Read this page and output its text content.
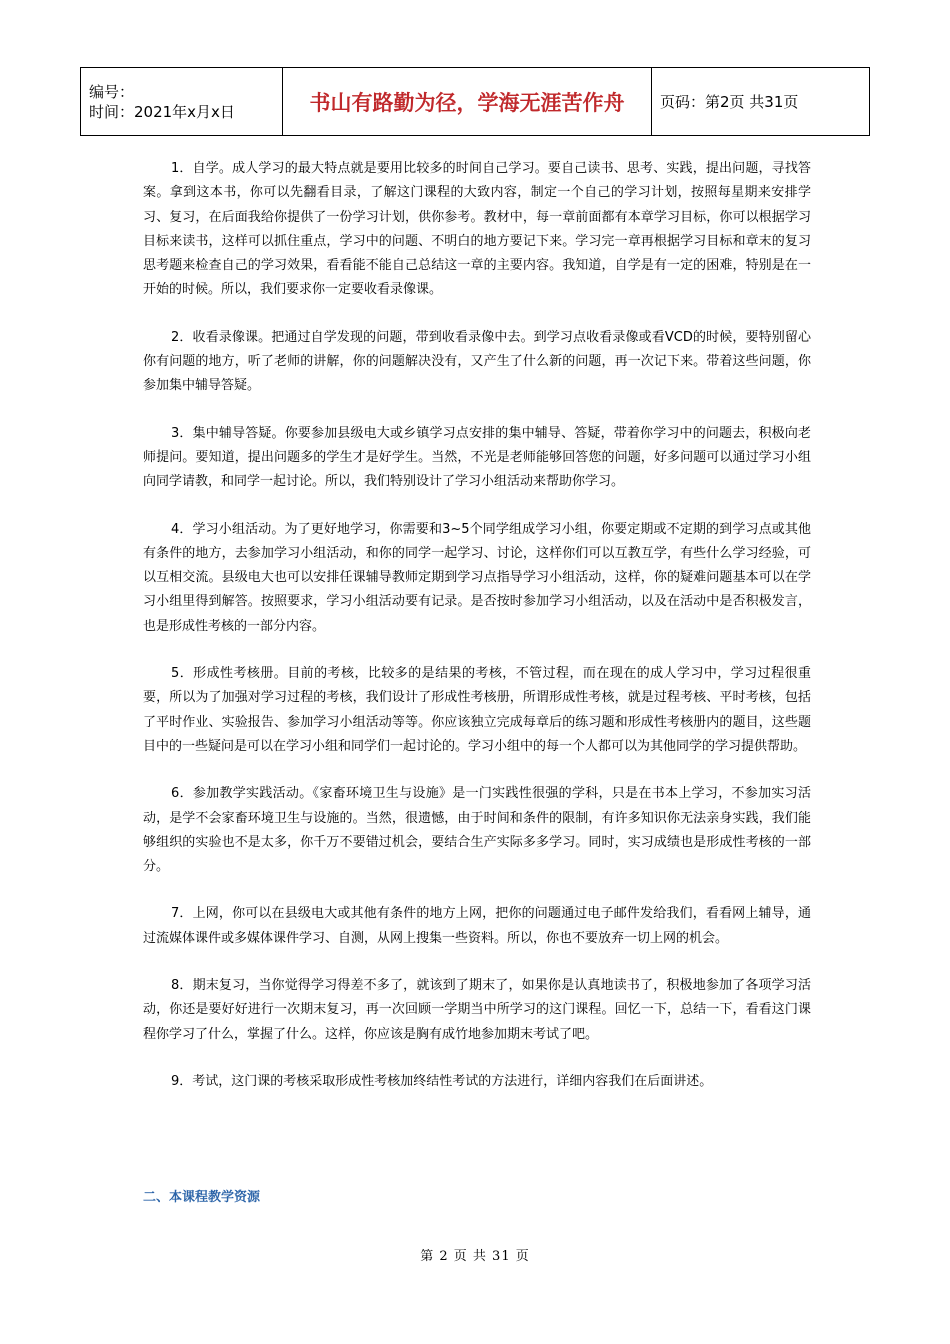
编号：
时间：2021年x月x日	书山有路勤为径，学海无涯苦作舟	页码：第2页 共31页

1．自学。成人学习的最大特点就是要用比较多的时间自己学习。要自己读书、思考、实践，提出问题，寻找答案。拿到这本书，你可以先翻看目录，了解这门课程的大致内容，制定一个自己的学习计划，按照每星期来安排学习、复习，在后面我给你提供了一份学习计划，供你参考。教材中，每一章前面都有本章学习目标，你可以根据学习目标来读书，这样可以抓住重点，学习中的问题、不明白的地方要记下来。学习完一章再根据学习目标和章末的复习思考题来检查自己的学习效果，看看能不能自己总结这一章的主要内容。我知道，自学是有一定的困难，特别是在一开始的时候。所以，我们要求你一定要收看录像课。

2．收看录像课。把通过自学发现的问题，带到收看录像中去。到学习点收看录像或看VCD的时候，要特别留心你有问题的地方，听了老师的讲解，你的问题解决没有，又产生了什么新的问题，再一次记下来。带着这些问题，你参加集中辅导答疑。

3．集中辅导答疑。你要参加县级电大或乡镇学习点安排的集中辅导、答疑，带着你学习中的问题去，积极向老师提问。要知道，提出问题多的学生才是好学生。当然，不光是老师能够回答您的问题，好多问题可以通过学习小组向同学请教，和同学一起讨论。所以，我们特别设计了学习小组活动来帮助你学习。

4．学习小组活动。为了更好地学习，你需要和3~5个同学组成学习小组，你要定期或不定期的到学习点或其他有条件的地方，去参加学习小组活动，和你的同学一起学习、讨论，这样你们可以互教互学，有些什么学习经验，可以互相交流。县级电大也可以安排任课辅导教师定期到学习点指导学习小组活动，这样，你的疑难问题基本可以在学习小组里得到解答。按照要求，学习小组活动要有记录。是否按时参加学习小组活动，以及在活动中是否积极发言，也是形成性考核的一部分内容。

5．形成性考核册。目前的考核，比较多的是结果的考核，不管过程，而在现在的成人学习中，学习过程很重要，所以为了加强对学习过程的考核，我们设计了形成性考核册，所谓形成性考核，就是过程考核、平时考核，包括了平时作业、实验报告、参加学习小组活动等等。你应该独立完成每章后的练习题和形成性考核册内的题目，这些题目中的一些疑问是可以在学习小组和同学们一起讨论的。学习小组中的每一个人都可以为其他同学的学习提供帮助。

6．参加教学实践活动。《家畜环境卫生与设施》是一门实践性很强的学科，只是在书本上学习，不参加实习活动，是学不会家畜环境卫生与设施的。当然，很遗憾，由于时间和条件的限制，有许多知识你无法亲身实践，我们能够组织的实验也不是太多，你千万不要错过机会，要结合生产实际多多学习。同时，实习成绩也是形成性考核的一部分。

7．上网，你可以在县级电大或其他有条件的地方上网，把你的问题通过电子邮件发给我们，看看网上辅导，通过流媒体课件或多媒体课件学习、自测，从网上搜集一些资料。所以，你也不要放弃一切上网的机会。

8．期末复习，当你觉得学习得差不多了，就该到了期末了，如果你是认真地读书了，积极地参加了各项学习活动，你还是要好好进行一次期末复习，再一次回顾一学期当中所学习的这门课程。回忆一下，总结一下，看看这门课程你学习了什么，掌握了什么。这样，你应该是胸有成竹地参加期末考试了吧。

9．考试，这门课的考核采取形成性考核加终结性考试的方法进行，详细内容我们在后面讲述。

二、本课程教学资源
第 2 页 共 31 页
